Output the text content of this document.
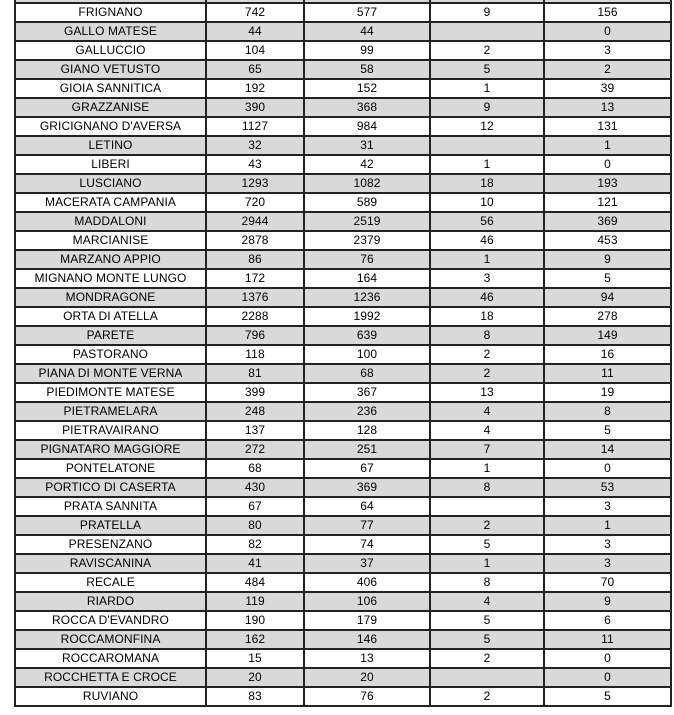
FRIGNANO	742	577	9	156
GALLO MATESE	44	44		0
GALLUCCIO	104	99	2	3
GIANO VETUSTO	65	58	5	2
GIOIA SANNITICA	192	152	1	39
GRAZZANISE	390	368	9	13
GRICIGNANO D'AVERSA	1127	984	12	131
LETINO	32	31		1
LIBERI	43	42	1	0
LUSCIANO	1293	1082	18	193
MACERATA CAMPANIA	720	589	10	121
MADDALONI	2944	2519	56	369
MARCIANISE	2878	2379	46	453
MARZANO APPIO	86	76	1	9
MIGNANO MONTE LUNGO	172	164	3	5
MONDRAGONE	1376	1236	46	94
ORTA DI ATELLA	2288	1992	18	278
PARETE	796	639	8	149
PASTORANO	118	100	2	16
PIANA DI MONTE VERNA	81	68	2	11
PIEDIMONTE MATESE	399	367	13	19
PIETRAMELARA	248	236	4	8
PIETRAVAIRANO	137	128	4	5
PIGNATARO MAGGIORE	272	251	7	14
PONTELATONE	68	67	1	0
PORTICO DI CASERTA	430	369	8	53
PRATA SANNITA	67	64		3
PRATELLA	80	77	2	1
PRESENZANO	82	74	5	3
RAVISCANINA	41	37	1	3
RECALE	484	406	8	70
RIARDO	119	106	4	9
ROCCA D'EVANDRO	190	179	5	6
ROCCAMONFINA	162	146	5	11
ROCCAROMANA	15	13	2	0
ROCCHETTA E CROCE	20	20		0
RUVIANO	83	76	2	5
